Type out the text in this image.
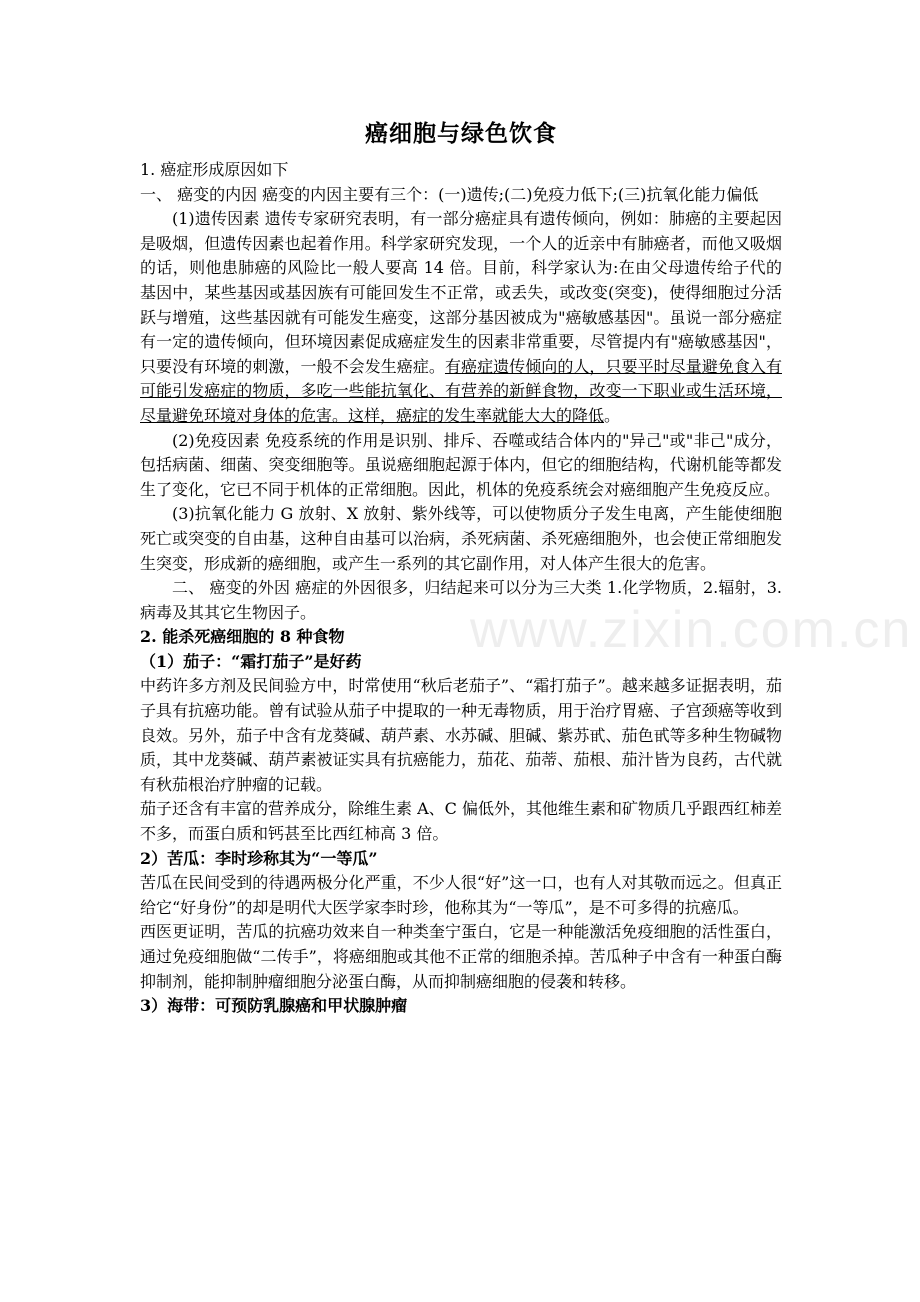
www.zixin.com.cn
癌细胞与绿色饮食

1. 癌症形成原因如下

一、 癌变的内因 癌变的内因主要有三个：(一)遗传;(二)免疫力低下;(三)抗氧化能力偏低

(1)遗传因素 遗传专家研究表明，有一部分癌症具有遗传倾向，例如：肺癌的主要起因是吸烟，但遗传因素也起着作用。科学家研究发现，一个人的近亲中有肺癌者，而他又吸烟的话，则他患肺癌的风险比一般人要高 14 倍。目前，科学家认为:在由父母遗传给子代的基因中，某些基因或基因族有可能回发生不正常，或丢失，或改变(突变)，使得细胞过分活跃与增殖，这些基因就有可能发生癌变，这部分基因被成为"癌敏感基因"。虽说一部分癌症有一定的遗传倾向，但环境因素促成癌症发生的因素非常重要，尽管提内有"癌敏感基因"，只要没有环境的刺激，一般不会发生癌症。有癌症遗传倾向的人，只要平时尽量避免食入有可能引发癌症的物质，多吃一些能抗氧化、有营养的新鲜食物，改变一下职业或生活环境，尽量避免环境对身体的危害。这样，癌症的发生率就能大大的降低。

(2)免疫因素 免疫系统的作用是识别、排斥、吞噬或结合体内的"异己"或"非己"成分，包括病菌、细菌、突变细胞等。虽说癌细胞起源于体内，但它的细胞结构，代谢机能等都发生了变化，它已不同于机体的正常细胞。因此，机体的免疫系统会对癌细胞产生免疫反应。

(3)抗氧化能力 G 放射、X 放射、紫外线等，可以使物质分子发生电离，产生能使细胞死亡或突变的自由基，这种自由基可以治病，杀死病菌、杀死癌细胞外，也会使正常细胞发生突变，形成新的癌细胞，或产生一系列的其它副作用，对人体产生很大的危害。

二、 癌变的外因 癌症的外因很多，归结起来可以分为三大类 1.化学物质，2.辐射，3.病毒及其其它生物因子。

2. 能杀死癌细胞的 8 种食物

（1）茄子：“霜打茄子”是好药

中药许多方剂及民间验方中，时常使用“秋后老茄子”、“霜打茄子”。越来越多证据表明，茄子具有抗癌功能。曾有试验从茄子中提取的一种无毒物质，用于治疗胃癌、子宫颈癌等收到良效。另外，茄子中含有龙葵碱、葫芦素、水苏碱、胆碱、紫苏甙、茄色甙等多种生物碱物质，其中龙葵碱、葫芦素被证实具有抗癌能力，茄花、茄蒂、茄根、茄汁皆为良药，古代就有秋茄根治疗肿瘤的记载。

茄子还含有丰富的营养成分，除维生素 A、C 偏低外，其他维生素和矿物质几乎跟西红柿差不多，而蛋白质和钙甚至比西红柿高 3 倍。

2）苦瓜：李时珍称其为“一等瓜”

苦瓜在民间受到的待遇两极分化严重，不少人很“好”这一口，也有人对其敬而远之。但真正给它“好身份”的却是明代大医学家李时珍，他称其为“一等瓜”，是不可多得的抗癌瓜。

西医更证明，苦瓜的抗癌功效来自一种类奎宁蛋白，它是一种能激活免疫细胞的活性蛋白，通过免疫细胞做“二传手”，将癌细胞或其他不正常的细胞杀掉。苦瓜种子中含有一种蛋白酶抑制剂，能抑制肿瘤细胞分泌蛋白酶，从而抑制癌细胞的侵袭和转移。

3）海带：可预防乳腺癌和甲状腺肿瘤
